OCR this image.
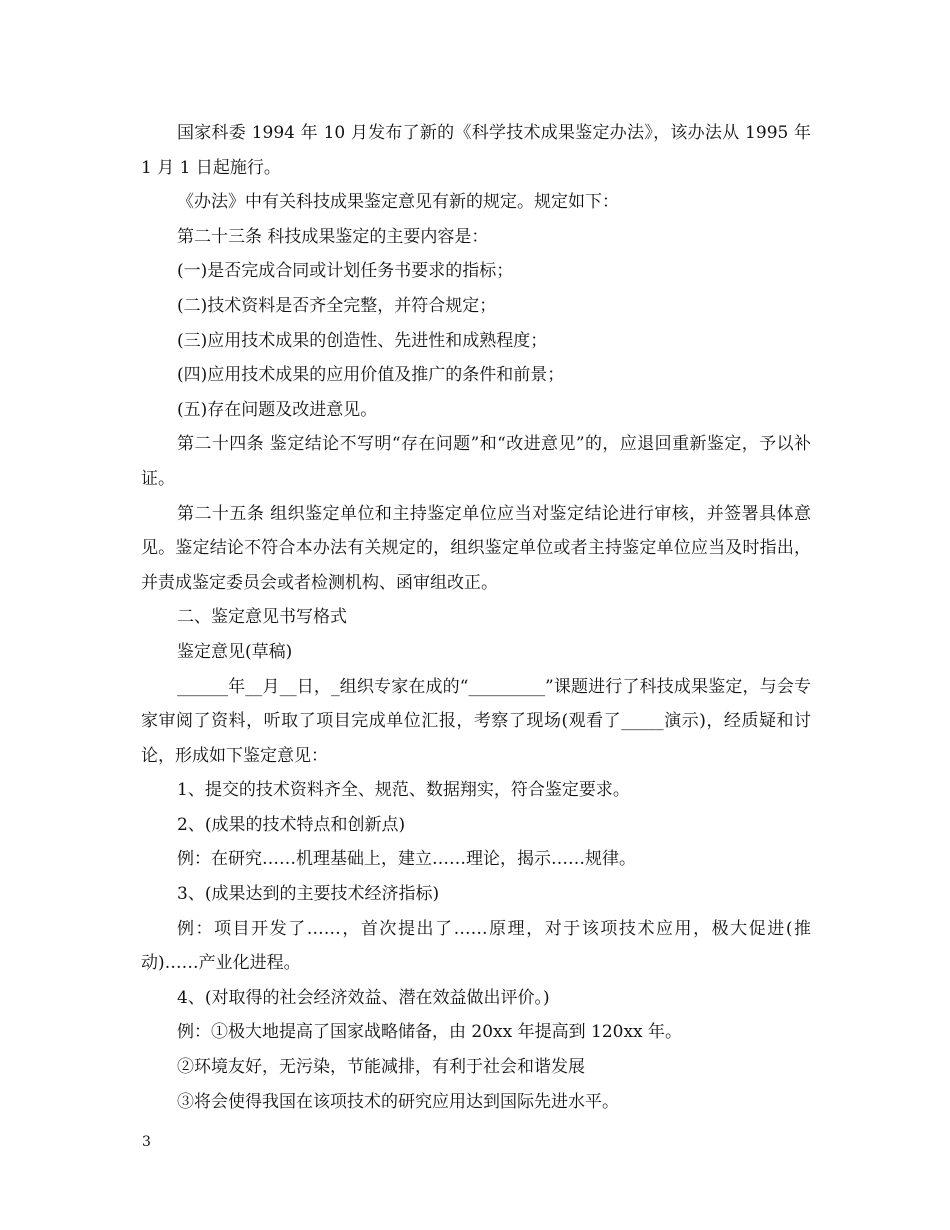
国家科委 1994 年 10 月发布了新的《科学技术成果鉴定办法》，该办法从 1995 年 1 月 1 日起施行。

《办法》中有关科技成果鉴定意见有新的规定。规定如下：

第二十三条 科技成果鉴定的主要内容是：

(一)是否完成合同或计划任务书要求的指标；

(二)技术资料是否齐全完整，并符合规定；

(三)应用技术成果的创造性、先进性和成熟程度；

(四)应用技术成果的应用价值及推广的条件和前景；

(五)存在问题及改进意见。

第二十四条 鉴定结论不写明“存在问题”和“改进意见”的，应退回重新鉴定，予以补证。

第二十五条 组织鉴定单位和主持鉴定单位应当对鉴定结论进行审核，并签署具体意见。鉴定结论不符合本办法有关规定的，组织鉴定单位或者主持鉴定单位应当及时指出，并责成鉴定委员会或者检测机构、函审组改正。

二、鉴定意见书写格式

鉴定意见(草稿)

______年__月__日，_组织专家在成的“_________”课题进行了科技成果鉴定，与会专家审阅了资料，听取了项目完成单位汇报，考察了现场(观看了_____演示)，经质疑和讨论，形成如下鉴定意见：

1、提交的技术资料齐全、规范、数据翔实，符合鉴定要求。

2、(成果的技术特点和创新点)

例：在研究……机理基础上，建立……理论，揭示……规律。

3、(成果达到的主要技术经济指标)

例：项目开发了……，首次提出了……原理，对于该项技术应用，极大促进(推动)……产业化进程。

4、(对取得的社会经济效益、潜在效益做出评价。)

例：①极大地提高了国家战略储备，由 20xx 年提高到 120xx 年。

②环境友好，无污染，节能减排，有利于社会和谐发展

③将会使得我国在该项技术的研究应用达到国际先进水平。

3
